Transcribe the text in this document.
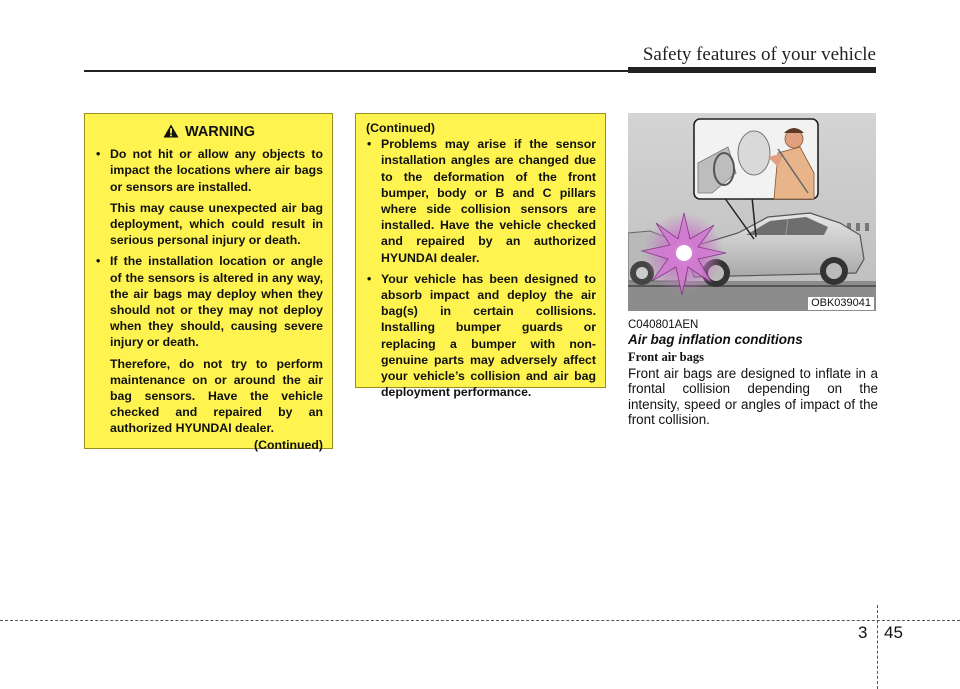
Safety features of your vehicle
WARNING
• Do not hit or allow any objects to impact the locations where air bags or sensors are installed.

This may cause unexpected air bag deployment, which could result in serious personal injury or death.

• If the installation location or angle of the sensors is altered in any way, the air bags may deploy when they should not or they may not deploy when they should, causing severe injury or death.

Therefore, do not try to perform maintenance on or around the air bag sensors. Have the vehicle checked and repaired by an authorized HYUNDAI dealer.

(Continued)
(Continued)
• Problems may arise if the sensor installation angles are changed due to the deformation of the front bumper, body or B and C pillars where side collision sensors are installed. Have the vehicle checked and repaired by an authorized HYUNDAI dealer.
• Your vehicle has been designed to absorb impact and deploy the air bag(s) in certain collisions. Installing bumper guards or replacing a bumper with non-genuine parts may adversely affect your vehicle’s collision and air bag deployment performance.
OBK039041
C040801AEN
Air bag inflation conditions
Front air bags

Front air bags are designed to inflate in a frontal collision depending on the intensity, speed or angles of impact of the front collision.

3 45
